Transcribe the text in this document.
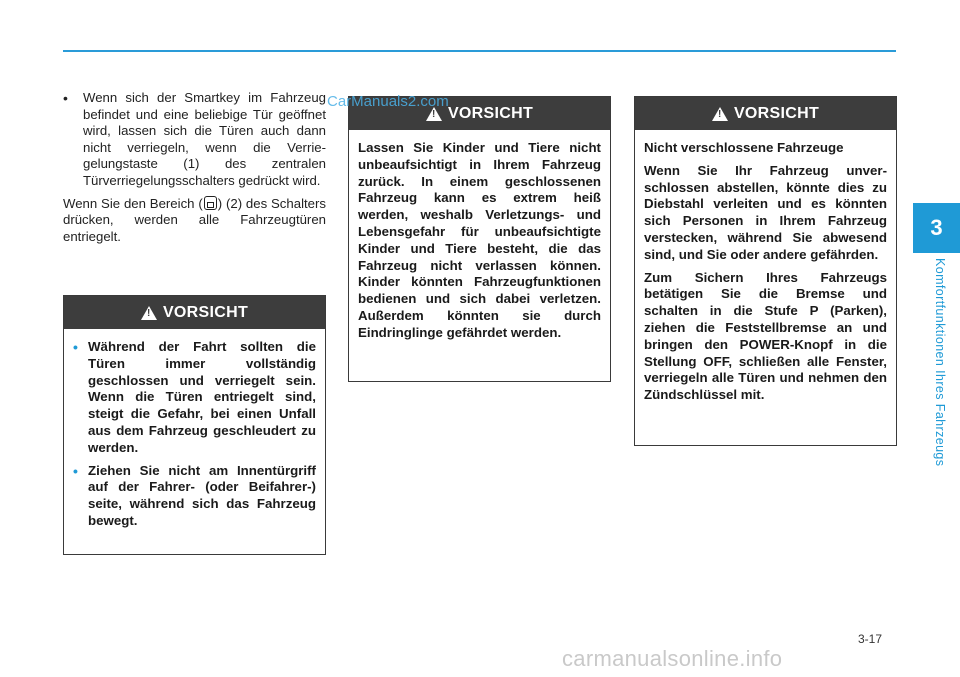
3
Komfortfunktionen Ihres Fahrzeugs
•	Wenn sich der Smartkey im Fahrzeug befindet und eine beliebige Tür geöffnet wird, lassen sich die Türen auch dann nicht verriegeln, wenn die Verrie-gelungstaste (1) des zentralen Türverriegelungsschalters gedrückt wird.
Wenn Sie den Bereich ( ) (2) des Schalters drücken, werden alle Fahrzeugtüren entriegelt.
!
VORSICHT
• Während der Fahrt sollten die Türen immer vollständig geschlossen und verriegelt sein. Wenn die Türen entriegelt sind, steigt die Gefahr, bei einen Unfall aus dem Fahrzeug geschleudert zu werden.
• Ziehen Sie nicht am Innentürgriff auf der Fahrer- (oder Beifahrer-) seite, während sich das Fahrzeug bewegt.
!
VORSICHT
Lassen Sie Kinder und Tiere nicht unbeaufsichtigt in Ihrem Fahrzeug zurück. In einem geschlossenen Fahrzeug kann es extrem heiß werden, weshalb Verletzungs- und Lebensgefahr für unbeaufsichtigte Kinder und Tiere besteht, die das Fahrzeug nicht verlassen können. Kinder könnten Fahrzeugfunktionen bedienen und sich dabei verletzen. Außerdem könnten sie durch Eindringlinge gefährdet werden.
!
VORSICHT
Nicht verschlossene Fahrzeuge
Wenn Sie Ihr Fahrzeug unver-schlossen abstellen, könnte dies zu Diebstahl verleiten und es könnten sich Personen in Ihrem Fahrzeug verstecken, während Sie abwesend sind, und Sie oder andere gefährden.
Zum Sichern Ihres Fahrzeugs betätigen Sie die Bremse und schalten in die Stufe P (Parken), ziehen die Feststellbremse an und bringen den POWER-Knopf in die Stellung OFF, schließen alle Fenster, verriegeln alle Türen und nehmen den Zündschlüssel mit.
CarManuals2.com
3-17
carmanualsonline.info
